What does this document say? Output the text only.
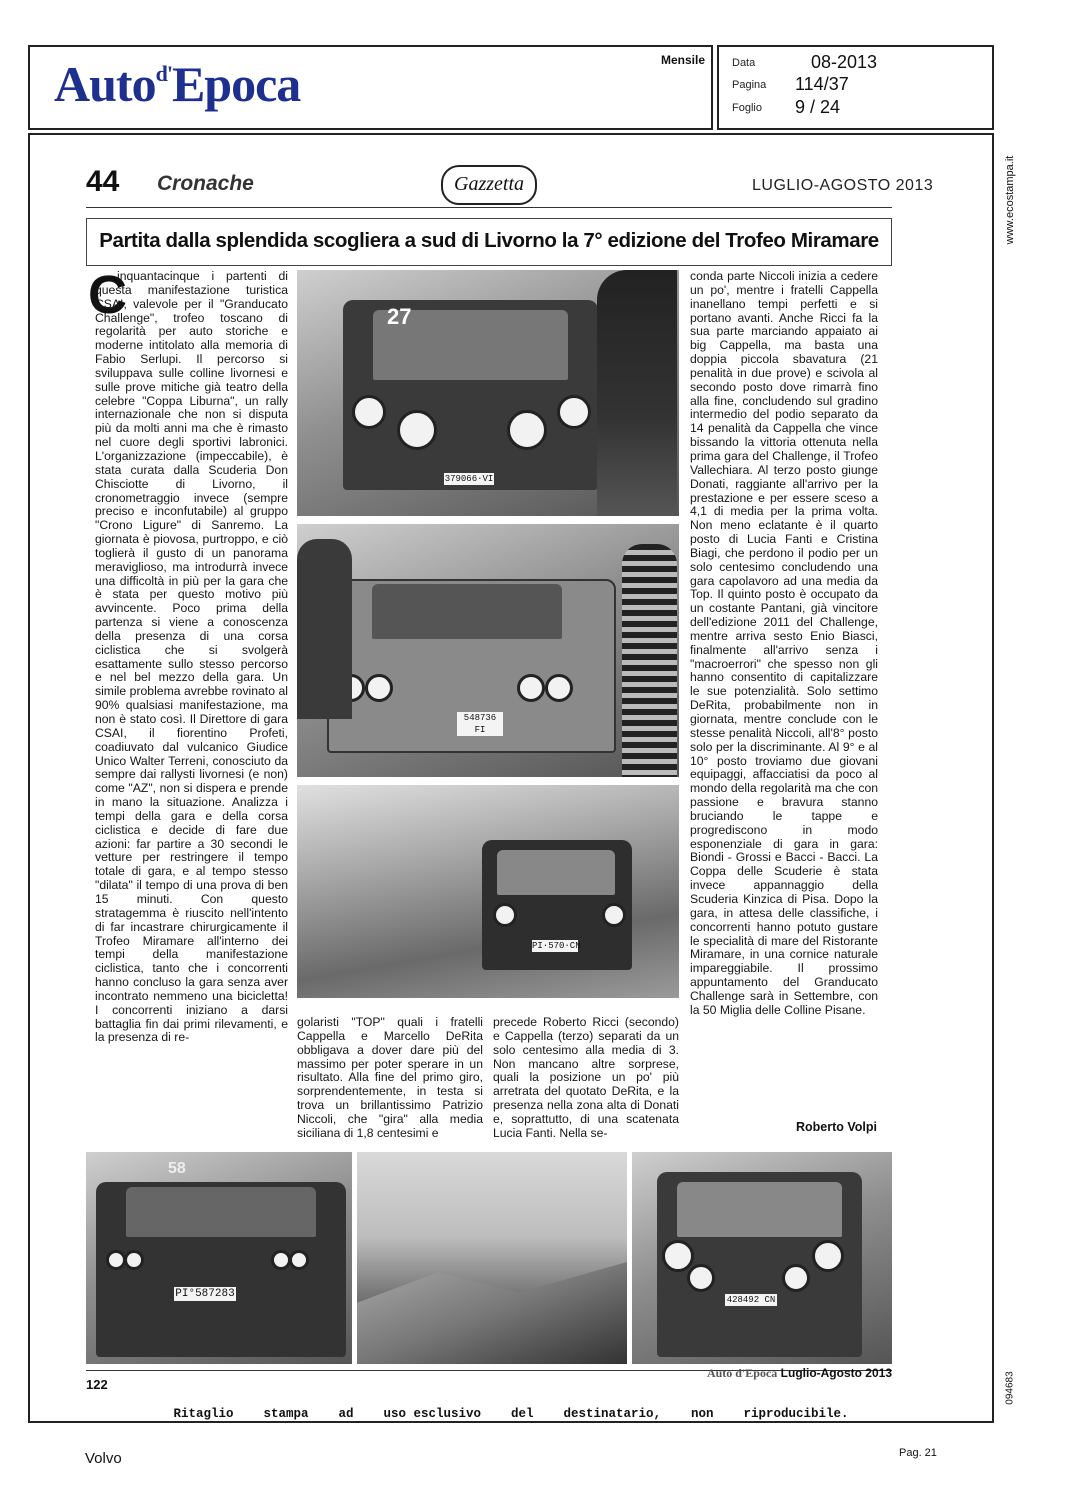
Auto$^{d'}$Epoca	Mensile Data	08-2013
Pagina 114/37
Foglio 9 / 24
www.ecostampa.it
094683
44 Cronache	Gazzetta	LUGLIO-AGOSTO 2013
Partita dalla splendida scogliera a sud di Livorno la 7° edizione del Trofeo Miramare
C

inquantacinque i partenti di questa manifestazione turistica CSAI, valevole per il "Granducato Challenge", trofeo toscano di regolarità per auto storiche e moderne intitolato alla memoria di Fabio Serlupi. Il percorso si sviluppava sulle colline livornesi e sulle prove mitiche già teatro della celebre "Coppa Liburna", un rally internazionale che non si disputa più da molti anni ma che è rimasto nel cuore degli sportivi labronici. L'organizzazione (impeccabile), è stata curata dalla Scuderia Don Chisciotte di Livorno, il cronometraggio invece (sempre preciso e inconfutabile) al gruppo "Crono Ligure" di Sanremo. La giornata è piovosa, purtroppo, e ciò toglierà il gusto di un panorama meraviglioso, ma introdurrà invece una difficoltà in più per la gara che è stata per questo motivo più avvincente. Poco prima della partenza si viene a conoscenza della presenza di una corsa ciclistica che si svolgerà esattamente sullo stesso percorso e nel bel mezzo della gara. Un simile problema avrebbe rovinato al 90% qualsiasi manifestazione, ma non è stato così. Il Direttore di gara CSAI, il fiorentino Profeti, coadiuvato dal vulcanico Giudice Unico Walter Terreni, conosciuto da sempre dai rallysti livornesi (e non) come "AZ", non si dispera e prende in mano la situazione. Analizza i tempi della gara e della corsa ciclistica e decide di fare due azioni: far partire a 30 secondi le vetture per restringere il tempo totale di gara, e al tempo stesso "dilata" il tempo di una prova di ben 15 minuti. Con questo stratagemma è riuscito nell'intento di far incastrare chirurgicamente il Trofeo Miramare all'interno dei tempi della manifestazione ciclistica, tanto che i concorrenti hanno concluso la gara senza aver incontrato nemmeno una bicicletta! I concorrenti iniziano a darsi battaglia fin dai primi rilevamenti, e la presenza di re-

27
379066·VI
548736 FI
PI·570·CN

golaristi "TOP" quali i fratelli Cappella e Marcello DeRita obbligava a dover dare più del massimo per poter sperare in un risultato. Alla fine del primo giro, sorprendentemente, in testa si trova un brillantissimo Patrizio Niccoli, che "gira" alla media siciliana di 1,8 centesimi e

precede Roberto Ricci (secondo) e Cappella (terzo) separati da un solo centesimo alla media di 3. Non mancano altre sorprese, quali la posizione un po' più arretrata del quotato DeRita, e la presenza nella zona alta di Donati e, soprattutto, di una scatenata Lucia Fanti. Nella se-

conda parte Niccoli inizia a cedere un po', mentre i fratelli Cappella inanellano tempi perfetti e si portano avanti. Anche Ricci fa la sua parte marciando appaiato ai big Cappella, ma basta una doppia piccola sbavatura (21 penalità in due prove) e scivola al secondo posto dove rimarrà fino alla fine, concludendo sul gradino intermedio del podio separato da 14 penalità da Cappella che vince bissando la vittoria ottenuta nella prima gara del Challenge, il Trofeo Vallechiara. Al terzo posto giunge Donati, raggiante all'arrivo per la prestazione e per essere sceso a 4,1 di media per la prima volta. Non meno eclatante è il quarto posto di Lucia Fanti e Cristina Biagi, che perdono il podio per un solo centesimo concludendo una gara capolavoro ad una media da Top. Il quinto posto è occupato da un costante Pantani, già vincitore dell'edizione 2011 del Challenge, mentre arriva sesto Enio Biasci, finalmente all'arrivo senza i "macroerrori" che spesso non gli hanno consentito di capitalizzare le sue potenzialità. Solo settimo DeRita, probabilmente non in giornata, mentre conclude con le stesse penalità Niccoli, all'8° posto solo per la discriminante. Al 9° e al 10° posto troviamo due giovani equipaggi, affacciatisi da poco al mondo della regolarità ma che con passione e bravura stanno bruciando le tappe e progrediscono in modo esponenziale di gara in gara: Biondi - Grossi e Bacci - Bacci. La Coppa delle Scuderie è stata invece appannaggio della Scuderia Kinzica di Pisa. Dopo la gara, in attesa delle classifiche, i concorrenti hanno potuto gustare le specialità di mare del Ristorante Miramare, in una cornice naturale impareggiabile. Il prossimo appuntamento del Granducato Challenge sarà in Settembre, con la 50 Miglia delle Colline Pisane.

Roberto Volpi
58
PI°587283	428492 CN
122
Auto d'Epoca Luglio-Agosto 2013
Ritaglio    stampa    ad    uso esclusivo    del    destinatario,    non    riproducibile.
Volvo	Pag. 21
